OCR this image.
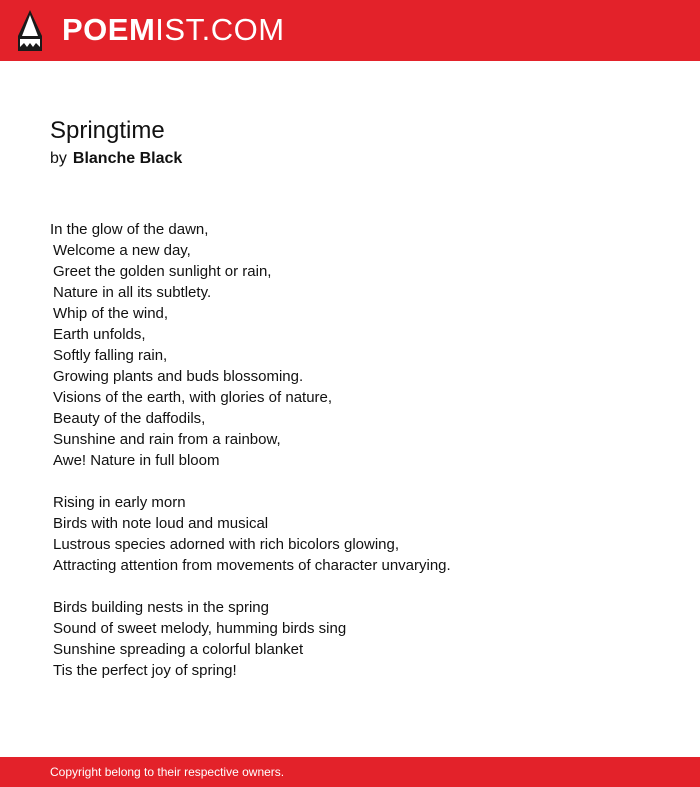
POEMIST.COM
Springtime
by Blanche Black
In the glow of the dawn,
Welcome a new day,
Greet the golden sunlight or rain,
Nature in all its subtlety.
Whip of the wind,
Earth unfolds,
Softly falling rain,
Growing plants and buds blossoming.
Visions of the earth, with glories of nature,
Beauty of the daffodils,
Sunshine and rain from a rainbow,
Awe! Nature in full bloom
Rising in early morn
Birds with note loud and musical
Lustrous species adorned with rich bicolors glowing,
Attracting attention from movements of character unvarying.
Birds building nests in the spring
Sound of sweet melody, humming birds sing
Sunshine spreading a colorful blanket
Tis the perfect joy of spring!
Copyright belong to their respective owners.
